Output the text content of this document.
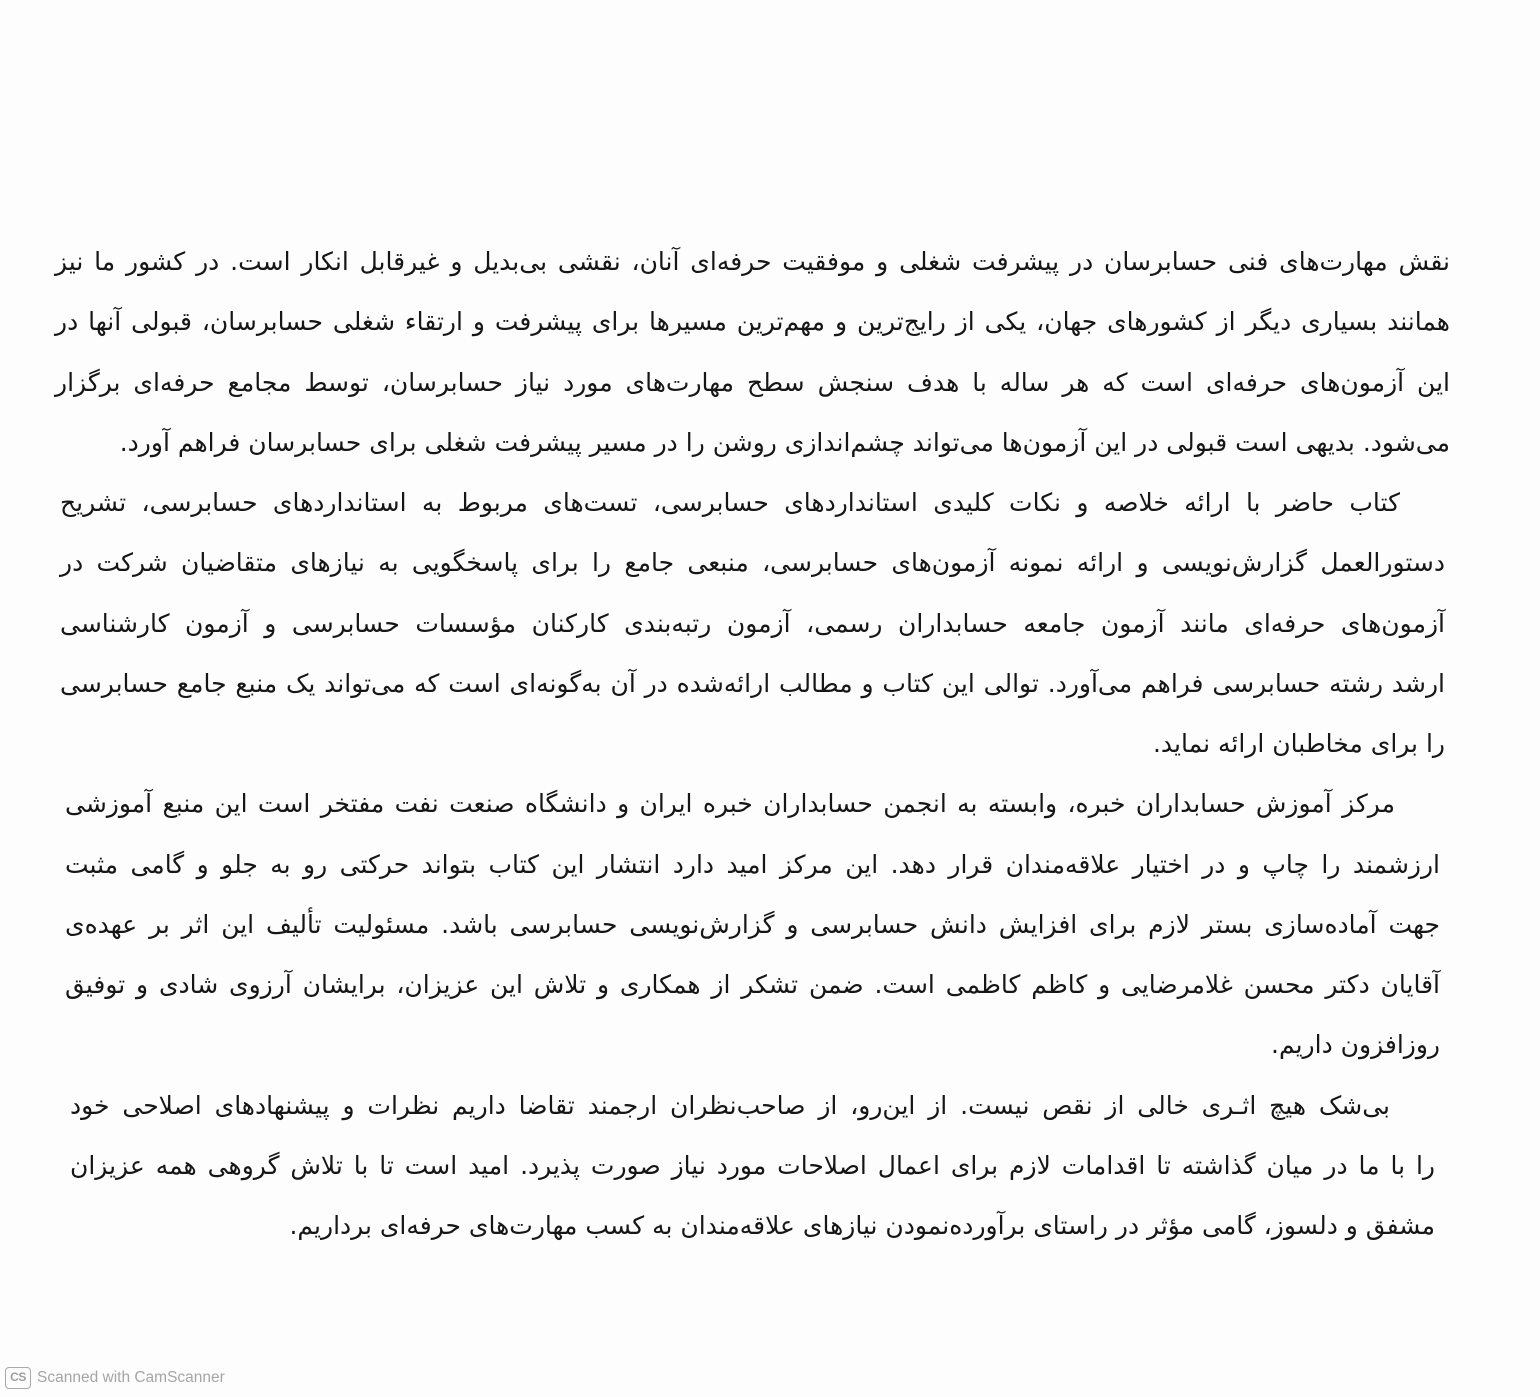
نقش مهارت‌های فنی حسابرسان در پیشرفت شغلی و موفقیت حرفه‌ای آنان، نقشی بی‌بدیل و غیرقابل انکار است. در کشور ما نیز
همانند بسیاری دیگر از کشورهای جهان، یکی از رایج‌ترین و مهم‌ترین مسیرها برای پیشرفت و ارتقاء شغلی حسابرسان، قبولی آنها در
این آزمون‌های حرفه‌ای است که هر ساله با هدف سنجش سطح مهارت‌های مورد نیاز حسابرسان، توسط مجامع حرفه‌ای برگزار
می‌شود. بدیهی است قبولی در این آزمون‌ها می‌تواند چشم‌اندازی روشن را در مسیر پیشرفت شغلی برای حسابرسان فراهم آورد.
کتاب حاضر با ارائه خلاصه و نکات کلیدی استانداردهای حسابرسی، تست‌های مربوط به استانداردهای حسابرسی، تشریح
دستورالعمل گزارش‌نویسی و ارائه نمونه آزمون‌های حسابرسی، منبعی جامع را برای پاسخگویی به نیازهای متقاضیان شرکت در
آزمون‌های حرفه‌ای مانند آزمون جامعه حسابداران رسمی، آزمون رتبه‌بندی کارکنان مؤسسات حسابرسی و آزمون کارشناسی
ارشد رشته حسابرسی فراهم می‌آورد. توالی این کتاب و مطالب ارائه‌شده در آن به‌گونه‌ای است که می‌تواند یک منبع جامع حسابرسی
را برای مخاطبان ارائه نماید.
مرکز آموزش حسابداران خبره، وابسته به انجمن حسابداران خبره ایران و دانشگاه صنعت نفت مفتخر است این منبع آموزشی
ارزشمند را چاپ و در اختیار علاقه‌مندان قرار دهد. این مرکز امید دارد انتشار این کتاب بتواند حرکتی رو به جلو و گامی مثبت
جهت آماده‌سازی بستر لازم برای افزایش دانش حسابرسی و گزارش‌نویسی حسابرسی باشد. مسئولیت تألیف این اثر بر عهده‌ی
آقایان دکتر محسن غلامرضایی و کاظم کاظمی است. ضمن تشکر از همکاری و تلاش این عزیزان، برایشان آرزوی شادی و توفیق
روزافزون داریم.
بی‌شک هیچ اثـری خالی از نقص نیست. از این‌رو، از صاحب‌نظران ارجمند تقاضا داریم نظرات و پیشنهادهای اصلاحی خود
را با ما در میان گذاشته تا اقدامات لازم برای اعمال اصلاحات مورد نیاز صورت پذیرد. امید است تا با تلاش گروهی همه عزیزان
مشفق و دلسوز، گامی مؤثر در راستای برآورده‌نمودن نیازهای علاقه‌مندان به کسب مهارت‌های حرفه‌ای برداریم.
CS Scanned with CamScanner
